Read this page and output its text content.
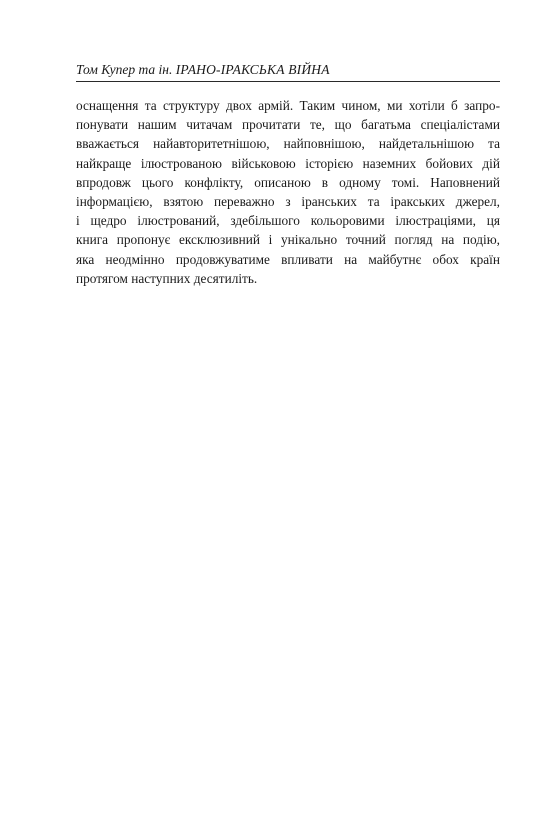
Том Купер та ін. ІРАНО-ІРАКСЬКА ВІЙНА
оснащення та структуру двох армій. Таким чином, ми хотіли б запро-
понувати нашим читачам прочитати те, що багатьма спеціалістами
вважається найавторитетнішою, найповнішою, найдетальнішою та
найкраще ілюстрованою військовою історією наземних бойових дій
впродовж цього конфлікту, описаною в одному томі. Наповнений
інформацією, взятою переважно з іранських та іракських джерел,
і щедро ілюстрований, здебільшого кольоровими ілюстраціями, ця
книга пропонує ексклюзивний і унікально точний погляд на подію,
яка неодмінно продовжуватиме впливати на майбутнє обох країн
протягом наступних десятиліть.
